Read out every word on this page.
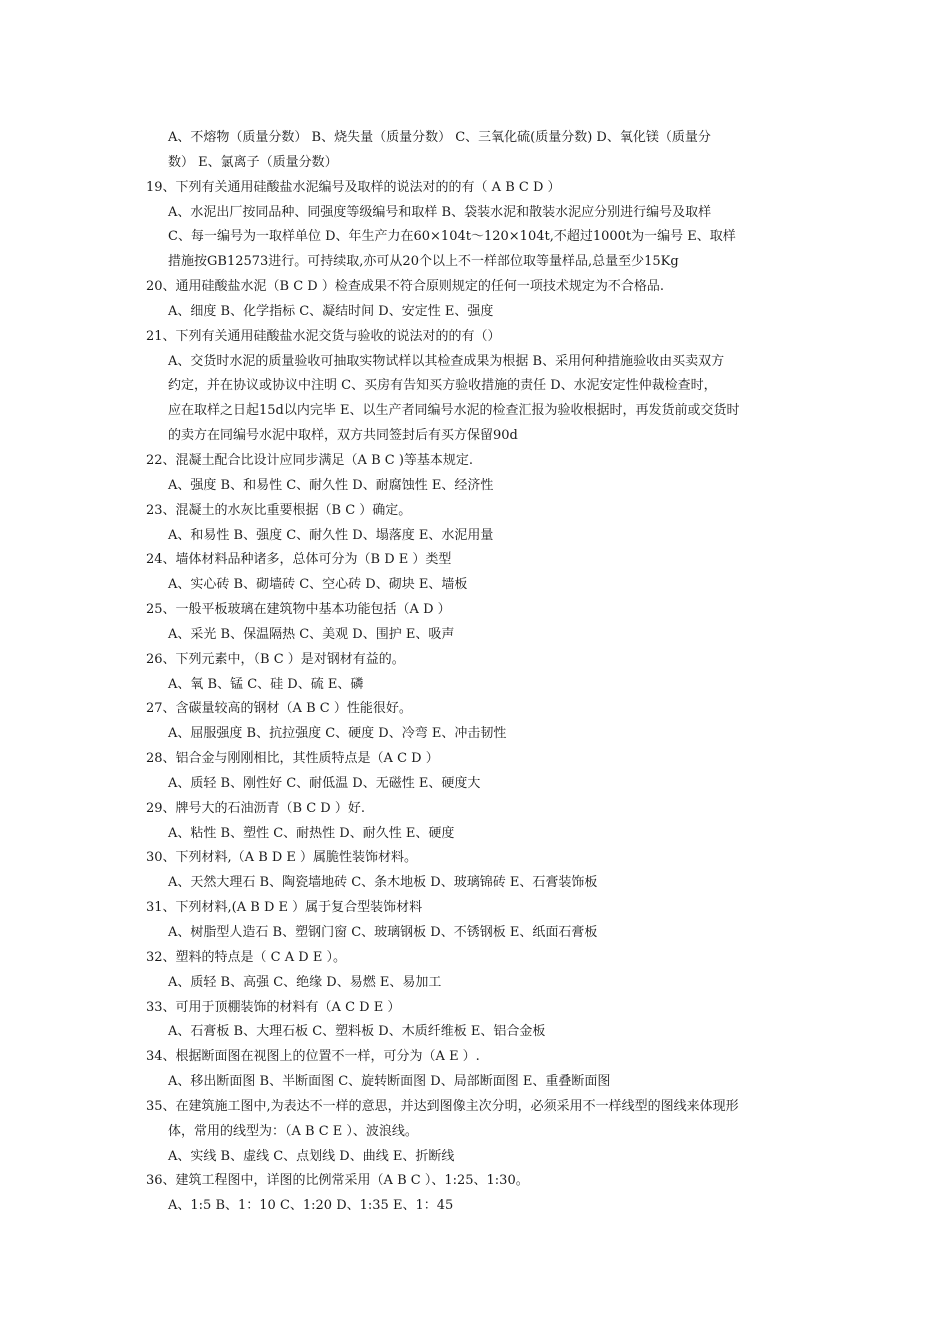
A、不熔物（质量分数） B、烧失量（质量分数） C、三氧化硫(质量分数) D、氧化镁（质量分
数） E、氯离子（质量分数）
19、下列有关通用硅酸盐水泥编号及取样的说法对的的有（ A B C D ）
A、水泥出厂按同品种、同强度等级编号和取样 B、袋装水泥和散装水泥应分别进行编号及取样
C、每一编号为一取样单位 D、年生产力在60×104t～120×104t,不超过1000t为一编号 E、取样
措施按GB12573进行。可持续取,亦可从20个以上不一样部位取等量样品,总量至少15Kg
20、通用硅酸盐水泥（B C D ）检查成果不符合原则规定的任何一项技术规定为不合格品.
A、细度 B、化学指标 C、凝结时间 D、安定性 E、强度
21、下列有关通用硅酸盐水泥交货与验收的说法对的的有（）
A、交货时水泥的质量验收可抽取实物试样以其检查成果为根据 B、采用何种措施验收由买卖双方
约定，并在协议或协议中注明 C、买房有告知买方验收措施的责任 D、水泥安定性仲裁检查时，
应在取样之日起15d以内完毕 E、以生产者同编号水泥的检查汇报为验收根据时，再发货前或交货时
的卖方在同编号水泥中取样，双方共同签封后有买方保留90d
22、混凝土配合比设计应同步满足（A B C )等基本规定.
A、强度 B、和易性 C、耐久性 D、耐腐蚀性 E、经济性
23、混凝土的水灰比重要根据（B C ）确定。
A、和易性 B、强度 C、耐久性 D、塌落度 E、水泥用量
24、墙体材料品种诸多，总体可分为（B D E ）类型
A、实心砖 B、砌墙砖 C、空心砖 D、砌块 E、墙板
25、一般平板玻璃在建筑物中基本功能包括（A D ）
A、采光 B、保温隔热 C、美观 D、围护 E、吸声
26、下列元素中，（B C ）是对钢材有益的。
A、氧 B、锰 C、硅 D、硫 E、磷
27、含碳量较高的钢材（A B C ）性能很好。
A、屈服强度 B、抗拉强度 C、硬度 D、冷弯 E、冲击韧性
28、铝合金与刚刚相比，其性质特点是（A C D ）
A、质轻 B、刚性好 C、耐低温 D、无磁性 E、硬度大
29、牌号大的石油沥青（B C D ）好.
A、粘性 B、塑性 C、耐热性 D、耐久性 E、硬度
30、下列材料,（A B D E ）属脆性装饰材料。
A、天然大理石 B、陶瓷墙地砖 C、条木地板 D、玻璃锦砖 E、石膏装饰板
31、下列材料,(A B D E ）属于复合型装饰材料
A、树脂型人造石 B、塑钢门窗 C、玻璃钢板 D、不锈钢板 E、纸面石膏板
32、塑料的特点是（ C A D E ）。
A、质轻 B、高强 C、绝缘 D、易燃 E、易加工
33、可用于顶棚装饰的材料有（A C D E ）
A、石膏板 B、大理石板 C、塑料板 D、木质纤维板 E、铝合金板
34、根据断面图在视图上的位置不一样，可分为（A E ）.
A、移出断面图 B、半断面图 C、旋转断面图 D、局部断面图 E、重叠断面图
35、在建筑施工图中,为表达不一样的意思，并达到图像主次分明，必须采用不一样线型的图线来体现形
体，常用的线型为：（A B C E ）、波浪线。
A、实线 B、虚线 C、点划线 D、曲线 E、折断线
36、建筑工程图中，详图的比例常采用（A B C ）、1:25、1:30。
A、1:5 B、1：10 C、1:20 D、1:35 E、1：45
